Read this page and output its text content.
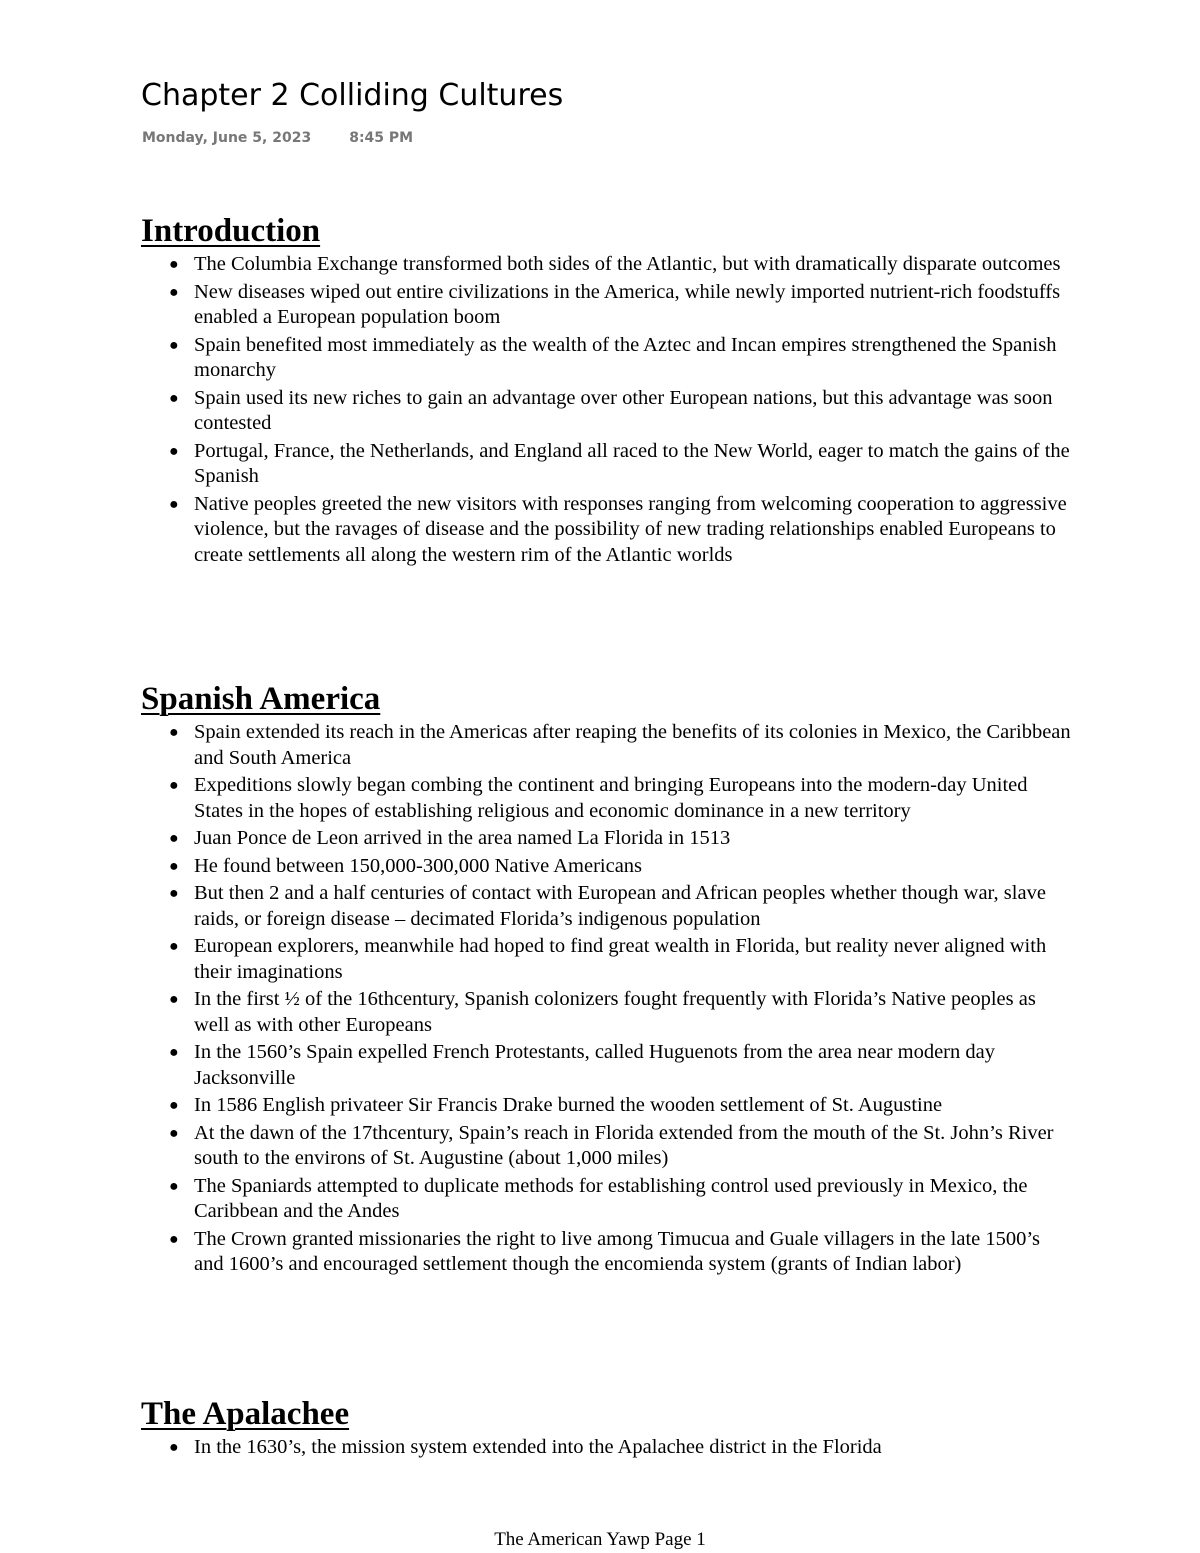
Chapter 2 Colliding Cultures
Monday, June 5, 2023	8:45 PM
Introduction
● The Columbia Exchange transformed both sides of the Atlantic, but with dramatically disparate outcomes
● New diseases wiped out entire civilizations in the America, while newly imported nutrient-rich foodstuffs enabled a European population boom
● Spain benefited most immediately as the wealth of the Aztec and Incan empires strengthened the Spanish monarchy
● Spain used its new riches to gain an advantage over other European nations, but this advantage was soon contested
● Portugal, France, the Netherlands, and England all raced to the New World, eager to match the gains of the Spanish
● Native peoples greeted the new visitors with responses ranging from welcoming cooperation to aggressive violence, but the ravages of disease and the possibility of new trading relationships enabled Europeans to create settlements all along the western rim of the Atlantic worlds
Spanish America
● Spain extended its reach in the Americas after reaping the benefits of its colonies in Mexico, the Caribbean and South America
● Expeditions slowly began combing the continent and bringing Europeans into the modern-day United States in the hopes of establishing religious and economic dominance in a new territory
● Juan Ponce de Leon arrived in the area named La Florida in 1513
● He found between 150,000-300,000 Native Americans
● But then 2 and a half centuries of contact with European and African peoples whether though war, slave raids, or foreign disease – decimated Florida’s indigenous population
● European explorers, meanwhile had hoped to find great wealth in Florida, but reality never aligned with their imaginations
● In the first ½ of the 16thcentury, Spanish colonizers fought frequently with Florida’s Native peoples as well as with other Europeans
● In the 1560’s Spain expelled French Protestants, called Huguenots from the area near modern day Jacksonville
● In 1586 English privateer Sir Francis Drake burned the wooden settlement of St. Augustine
● At the dawn of the 17thcentury, Spain’s reach in Florida extended from the mouth of the St. John’s River south to the environs of St. Augustine (about 1,000 miles)
● The Spaniards attempted to duplicate methods for establishing control used previously in Mexico, the Caribbean and the Andes
● The Crown granted missionaries the right to live among Timucua and Guale villagers in the late 1500’s and 1600’s and encouraged settlement though the encomienda system (grants of Indian labor)
The Apalachee
● In the 1630’s, the mission system extended into the Apalachee district in the Florida
The American Yawp Page 1
